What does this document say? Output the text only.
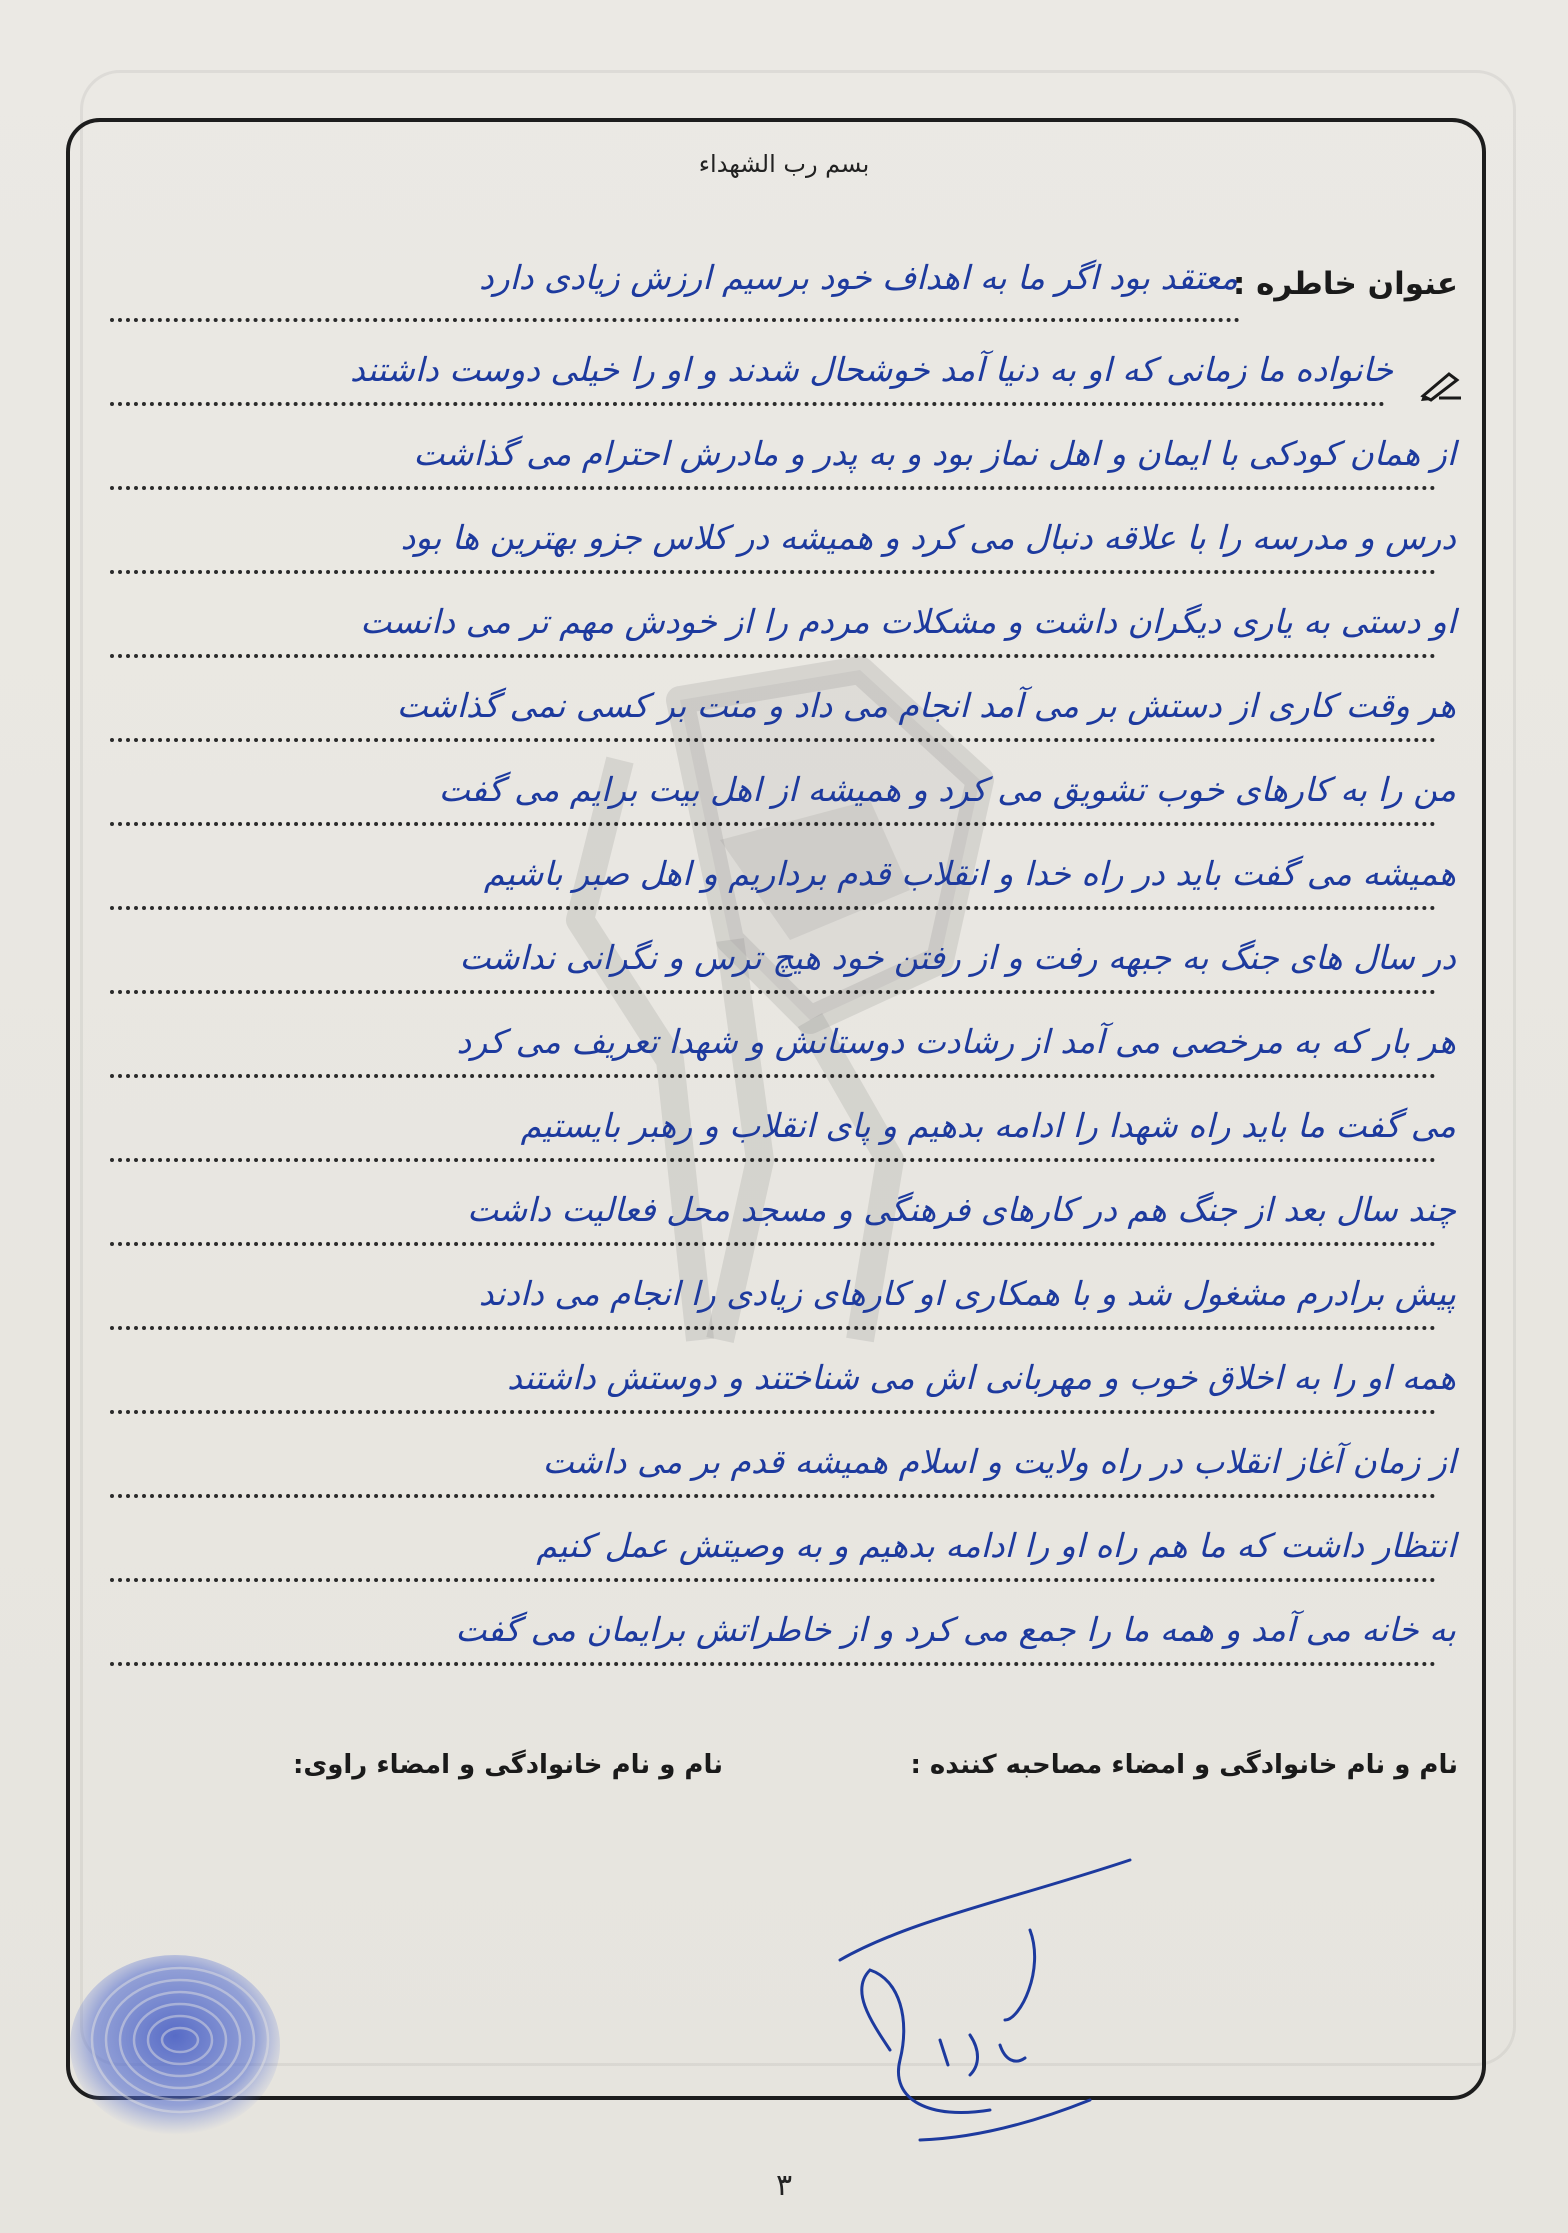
بسم رب الشهداء
عنوان خاطره :
معتقد بود اگر ما به اهداف خود برسیم ارزش زیادی دارد
خانواده ما زمانی که او به دنیا آمد خوشحال شدند و او را خیلی دوست داشتند
از همان کودکی با ایمان و اهل نماز بود و به پدر و مادرش احترام می گذاشت
درس و مدرسه را با علاقه دنبال می کرد و همیشه در کلاس جزو بهترین ها بود
او دستی به یاری دیگران داشت و مشکلات مردم را از خودش مهم تر می دانست
هر وقت کاری از دستش بر می آمد انجام می داد و منت بر کسی نمی گذاشت
من را به کارهای خوب تشویق می کرد و همیشه از اهل بیت برایم می گفت
همیشه می گفت باید در راه خدا و انقلاب قدم برداریم و اهل صبر باشیم
در سال های جنگ به جبهه رفت و از رفتن خود هیچ ترس و نگرانی نداشت
هر بار که به مرخصی می آمد از رشادت دوستانش و شهدا تعریف می کرد
می گفت ما باید راه شهدا را ادامه بدهیم و پای انقلاب و رهبر بایستیم
چند سال بعد از جنگ هم در کارهای فرهنگی و مسجد محل فعالیت داشت
پیش برادرم مشغول شد و با همکاری او کارهای زیادی را انجام می دادند
همه او را به اخلاق خوب و مهربانی اش می شناختند و دوستش داشتند
از زمان آغاز انقلاب در راه ولایت و اسلام همیشه قدم بر می داشت
انتظار داشت که ما هم راه او را ادامه بدهیم و به وصیتش عمل کنیم
به خانه می آمد و همه ما را جمع می کرد و از خاطراتش برایمان می گفت
نام و نام خانوادگی و امضاء مصاحبه کننده :
نام و نام خانوادگی و امضاء راوی:
۳
